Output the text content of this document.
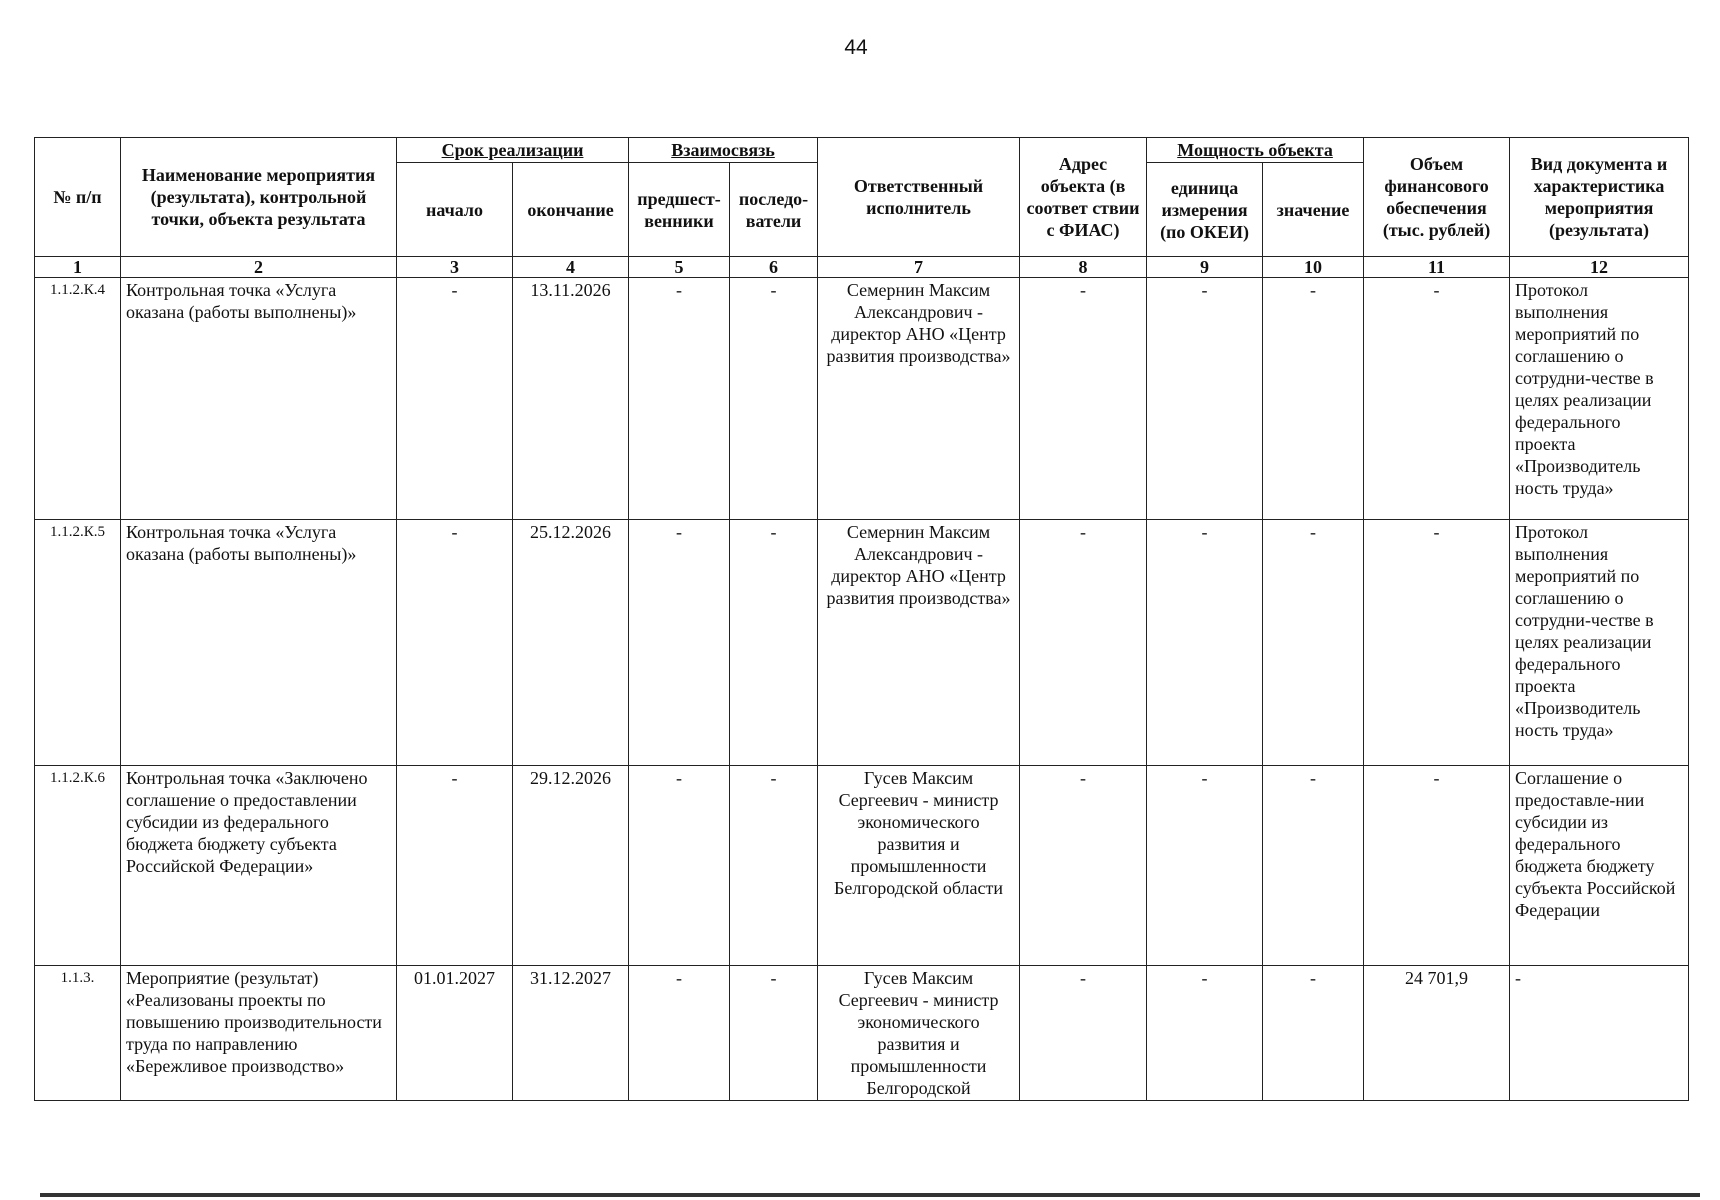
44
№ п/п	Наименование мероприятия (результата), контрольной точки, объекта результата	Срок реализации		Взаимосвязь		Ответственный исполнитель	Адрес объекта (в соответ ствии с ФИАС)	Мощность объекта		Объем финансового обеспечения (тыс. рублей)	Вид документа и характеристика мероприятия (результата)
		начало	окончание	предшест-венники	последо-ватели			единица измерения (по ОКЕИ)	значение		
1	2	3	4	5	6	7	8	9	10	11	12
1.1.2.К.4	Контрольная точка «Услуга оказана (работы выполнены)»	-	13.11.2026	-	-	Семернин Максим Александрович - директор АНО «Центр развития производства»	-	-	-	-	Протокол выполнения мероприятий по соглашению о сотрудни-честве в целях реализации федерального проекта «Производитель ность труда»
1.1.2.К.5	Контрольная точка «Услуга оказана (работы выполнены)»	-	25.12.2026	-	-	Семернин Максим Александрович - директор АНО «Центр развития производства»	-	-	-	-	Протокол выполнения мероприятий по соглашению о сотрудни-честве в целях реализации федерального проекта «Производитель ность труда»
1.1.2.К.6	Контрольная точка «Заключено соглашение о предоставлении субсидии из федерального бюджета бюджету субъекта Российской Федерации»	-	29.12.2026	-	-	Гусев Максим Сергеевич - министр экономического развития и промышленности Белгородской области	-	-	-	-	Соглашение о предоставле-нии субсидии из федерального бюджета бюджету субъекта Российской Федерации
1.1.3.	Мероприятие (результат) «Реализованы проекты по повышению производительности труда по направлению «Бережливое производство»	01.01.2027	31.12.2027	-	-	Гусев Максим Сергеевич - министр экономического развития и промышленности Белгородской	-	-	-	24 701,9	-
